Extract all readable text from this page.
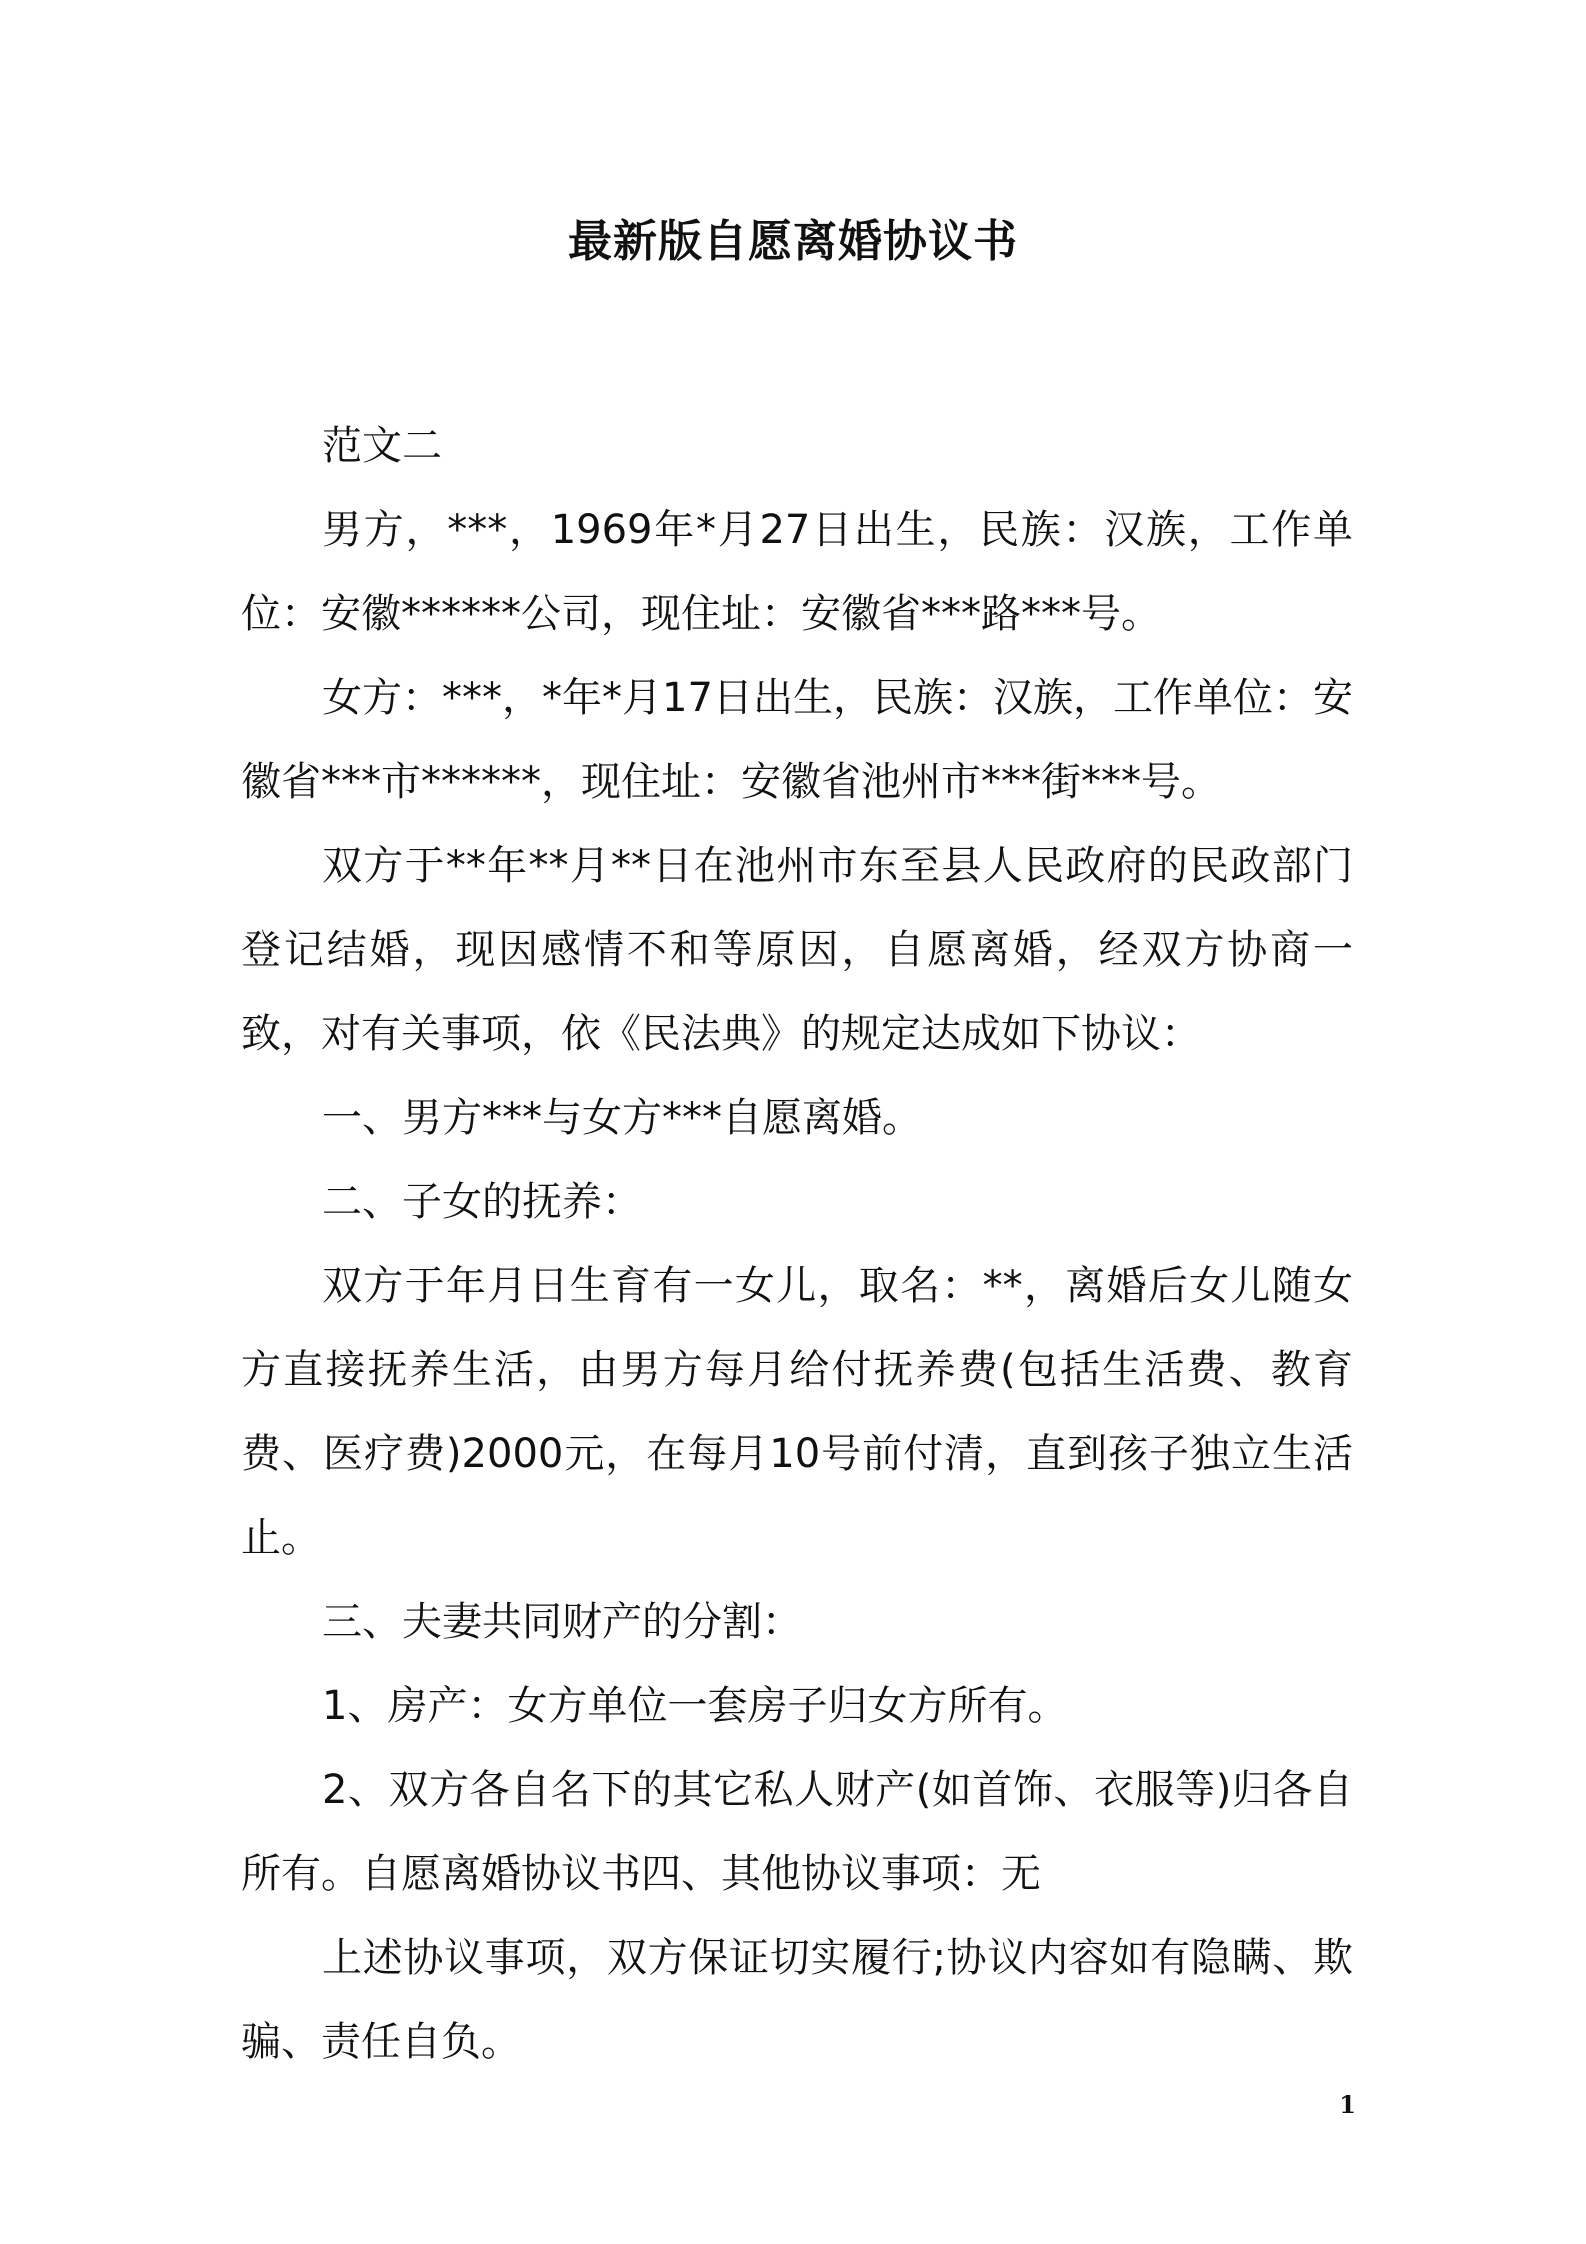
最新版自愿离婚协议书

范文二

男方，***，1969年*月27日出生，民族：汉族，工作单位：安徽******公司，现住址：安徽省***路***号。

女方：***，*年*月17日出生，民族：汉族，工作单位：安徽省***市******，现住址：安徽省池州市***街***号。

双方于**年**月**日在池州市东至县人民政府的民政部门登记结婚，现因感情不和等原因，自愿离婚，经双方协商一致，对有关事项，依《民法典》的规定达成如下协议：

一、男方***与女方***自愿离婚。

二、子女的抚养：

双方于年月日生育有一女儿，取名：**，离婚后女儿随女方直接抚养生活，由男方每月给付抚养费(包括生活费、教育费、医疗费)2000元，在每月10号前付清，直到孩子独立生活止。

三、夫妻共同财产的分割：

1、房产：女方单位一套房子归女方所有。

2、双方各自名下的其它私人财产(如首饰、衣服等)归各自所有。自愿离婚协议书四、其他协议事项：无

上述协议事项，双方保证切实履行;协议内容如有隐瞒、欺骗、责任自负。

1
